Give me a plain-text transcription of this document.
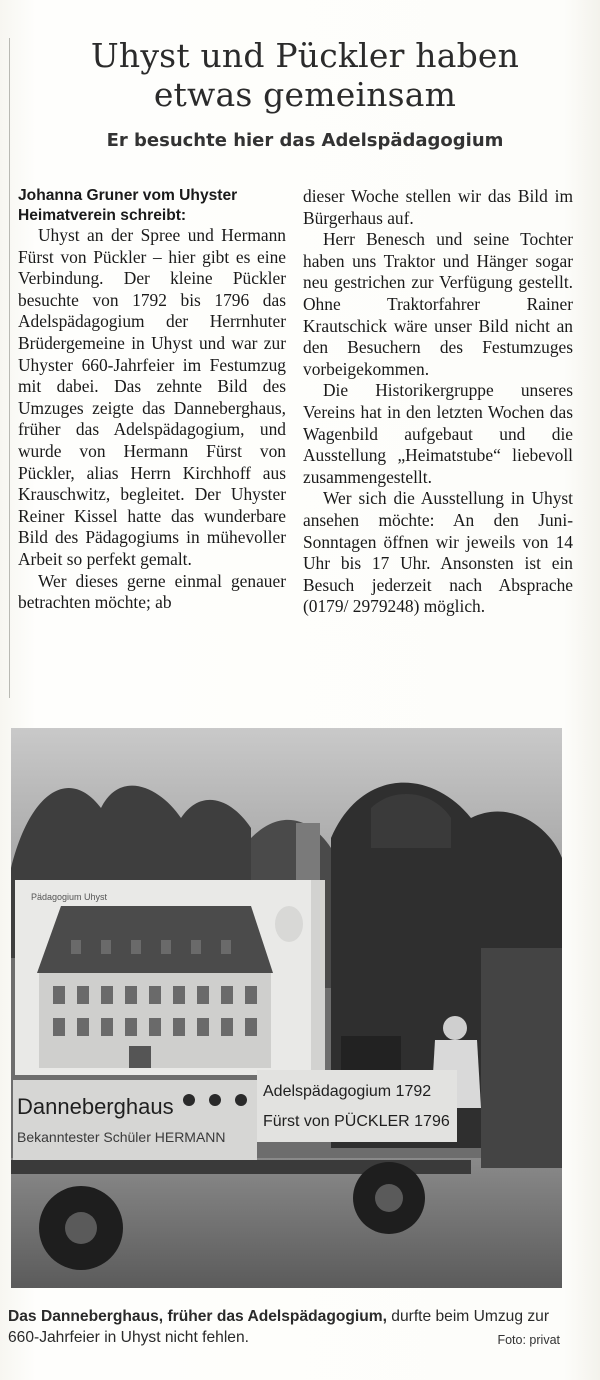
Uhyst und Pückler haben
etwas gemeinsam
Er besuchte hier das Adelspädagogium

Johanna Gruner vom Uhyster Heimatverein schreibt:

Uhyst an der Spree und Hermann Fürst von Pückler – hier gibt es eine Verbindung. Der kleine Pückler besuchte von 1792 bis 1796 das Adelspädagogium der Herrnhuter Brüdergemeine in Uhyst und war zur Uhyster 660-Jahrfeier im Festumzug mit dabei. Das zehnte Bild des Umzuges zeigte das Danneberghaus, früher das Adelspädagogium, und wurde von Hermann Fürst von Pückler, alias Herrn Kirchhoff aus Krauschwitz, begleitet. Der Uhyster Reiner Kissel hatte das wunderbare Bild des Pädagogiums in mühevoller Arbeit so perfekt gemalt.

Wer dieses gerne einmal genauer betrachten möchte; ab

dieser Woche stellen wir das Bild im Bürgerhaus auf.

Herr Benesch und seine Tochter haben uns Traktor und Hänger sogar neu gestrichen zur Verfügung gestellt. Ohne Traktorfahrer Rainer Krautschick wäre unser Bild nicht an den Besuchern des Festumzuges vorbeigekommen.

Die Historikergruppe unseres Vereins hat in den letzten Wochen das Wagenbild aufgebaut und die Ausstellung „Heimatstube“ liebevoll zusammengestellt.

Wer sich die Ausstellung in Uhyst ansehen möchte: An den Juni-Sonntagen öffnen wir jeweils von 14 Uhr bis 17 Uhr. Ansonsten ist ein Besuch jederzeit nach Absprache (0179/ 2979248) möglich.

Pädagogium Uhyst
Danneberghaus
Bekanntester Schüler HERMANN
Adelspädagogium 1792
Fürst von PÜCKLER 1796
Das Danneberghaus, früher das Adelspädagogium, durfte beim Umzug zur 660-Jahrfeier in Uhyst nicht fehlen.	Foto: privat
